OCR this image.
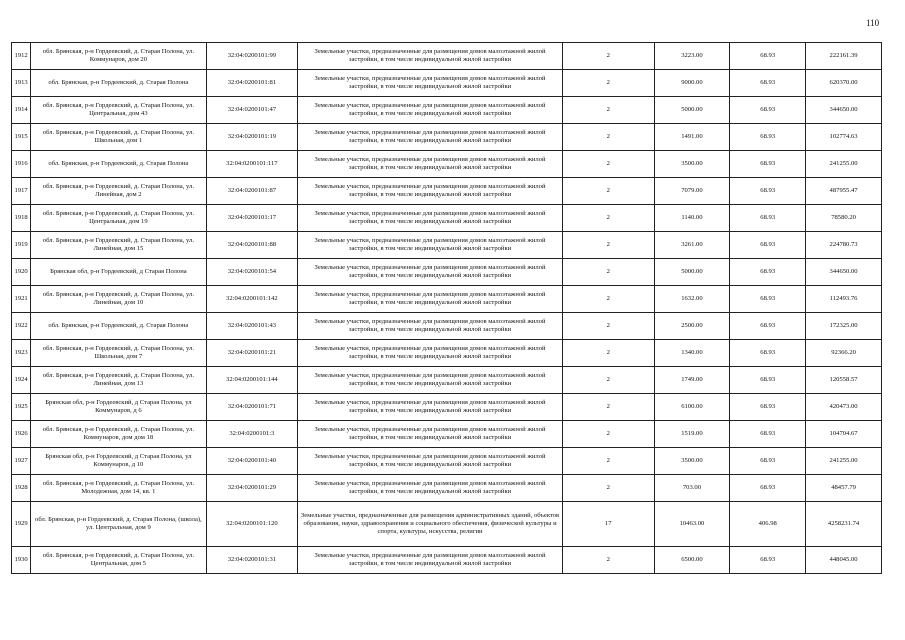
110
1912	обл. Брянская, р-н Гордеевский, д. Старая Полона, ул. Коммунаров, дом 20	32:04:0200101:99	Земельные участки, предназначенные для размещения домов малоэтажной жилой застройки, в том числе индивидуальной жилой застройки	2	3223.00	68.93	222161.39
1913	обл. Брянская, р-н Гордеевский, д. Старая Полона	32:04:0200101:81	Земельные участки, предназначенные для размещения домов малоэтажной жилой застройки, в том числе индивидуальной жилой застройки	2	9000.00	68.93	620370.00
1914	обл. Брянская, р-н Гордеевский, д. Старая Полона, ул. Центральная, дом 43	32:04:0200101:47	Земельные участки, предназначенные для размещения домов малоэтажной жилой застройки, в том числе индивидуальной жилой застройки	2	5000.00	68.93	344650.00
1915	обл. Брянская, р-н Гордеевский, д. Старая Полона, ул. Школьная, дом 1	32:04:0200101:19	Земельные участки, предназначенные для размещения домов малоэтажной жилой застройки, в том числе индивидуальной жилой застройки	2	1491.00	68.93	102774.63
1916	обл. Брянская, р-н Гордеевский, д. Старая Полона	32:04:0200101:117	Земельные участки, предназначенные для размещения домов малоэтажной жилой застройки, в том числе индивидуальной жилой застройки	2	3500.00	68.93	241255.00
1917	обл. Брянская, р-н Гордеевский, д. Старая Полона, ул. Линейная, дом 2	32:04:0200101:87	Земельные участки, предназначенные для размещения домов малоэтажной жилой застройки, в том числе индивидуальной жилой застройки	2	7079.00	68.93	487955.47
1918	обл. Брянская, р-н Гордеевский, д. Старая Полона, ул. Центральная, дом 19	32:04:0200101:17	Земельные участки, предназначенные для размещения домов малоэтажной жилой застройки, в том числе индивидуальной жилой застройки	2	1140.00	68.93	78580.20
1919	обл. Брянская, р-н Гордеевский, д. Старая Полона, ул. Линейная, дом 15	32:04:0200101:88	Земельные участки, предназначенные для размещения домов малоэтажной жилой застройки, в том числе индивидуальной жилой застройки	2	3261.00	68.93	224780.73
1920	Брянская обл, р-н Гордеевский, д Старая Полона	32:04:0200101:54	Земельные участки, предназначенные для размещения домов малоэтажной жилой застройки, в том числе индивидуальной жилой застройки	2	5000.00	68.93	344650.00
1921	обл. Брянская, р-н Гордеевский, д. Старая Полона, ул. Линейная, дом 10	32:04:0200101:142	Земельные участки, предназначенные для размещения домов малоэтажной жилой застройки, в том числе индивидуальной жилой застройки	2	1632.00	68.93	112493.76
1922	обл. Брянская, р-н Гордеевский, д. Старая Полона	32:04:0200101:43	Земельные участки, предназначенные для размещения домов малоэтажной жилой застройки, в том числе индивидуальной жилой застройки	2	2500.00	68.93	172325.00
1923	обл. Брянская, р-н Гордеевский, д. Старая Полона, ул. Школьная, дом 7	32:04:0200101:21	Земельные участки, предназначенные для размещения домов малоэтажной жилой застройки, в том числе индивидуальной жилой застройки	2	1340.00	68.93	92366.20
1924	обл. Брянская, р-н Гордеевский, д. Старая Полона, ул. Линейная, дом 13	32:04:0200101:144	Земельные участки, предназначенные для размещения домов малоэтажной жилой застройки, в том числе индивидуальной жилой застройки	2	1749.00	68.93	120558.57
1925	Брянская обл, р-н Гордеевский, д Старая Полона, ул Коммунаров, д 6	32:04:0200101:71	Земельные участки, предназначенные для размещения домов малоэтажной жилой застройки, в том числе индивидуальной жилой застройки	2	6100.00	68.93	420473.00
1926	обл. Брянская, р-н Гордеевский, д. Старая Полона, ул. Коммунаров, дом дом 18	32:04:0200101:3	Земельные участки, предназначенные для размещения домов малоэтажной жилой застройки, в том числе индивидуальной жилой застройки	2	1519.00	68.93	104704.67
1927	Брянская обл, р-н Гордеевский, д Старая Полона, ул Коммунаров, д 10	32:04:0200101:40	Земельные участки, предназначенные для размещения домов малоэтажной жилой застройки, в том числе индивидуальной жилой застройки	2	3500.00	68.93	241255.00
1928	обл. Брянская, р-н Гордеевский, д. Старая Полона, ул. Молодежная, дом 14, кв. 1	32:04:0200101:29	Земельные участки, предназначенные для размещения домов малоэтажной жилой застройки, в том числе индивидуальной жилой застройки	2	703.00	68.93	48457.79
1929	обл. Брянская, р-н Гордеевский, д. Старая Полона, (школа), ул. Центральная, дом 9	32:04:0200101:120	Земельные участки, предназначенные для размещения административных зданий, объектов образования, науки, здравоохранения и социального обеспечения, физической культуры и спорта, культуры, искусства, религии	17	10463.00	406.98	4258231.74
1930	обл. Брянская, р-н Гордеевский, д. Старая Полона, ул. Центральная, дом 5	32:04:0200101:31	Земельные участки, предназначенные для размещения домов малоэтажной жилой застройки, в том числе индивидуальной жилой застройки	2	6500.00	68.93	448045.00
